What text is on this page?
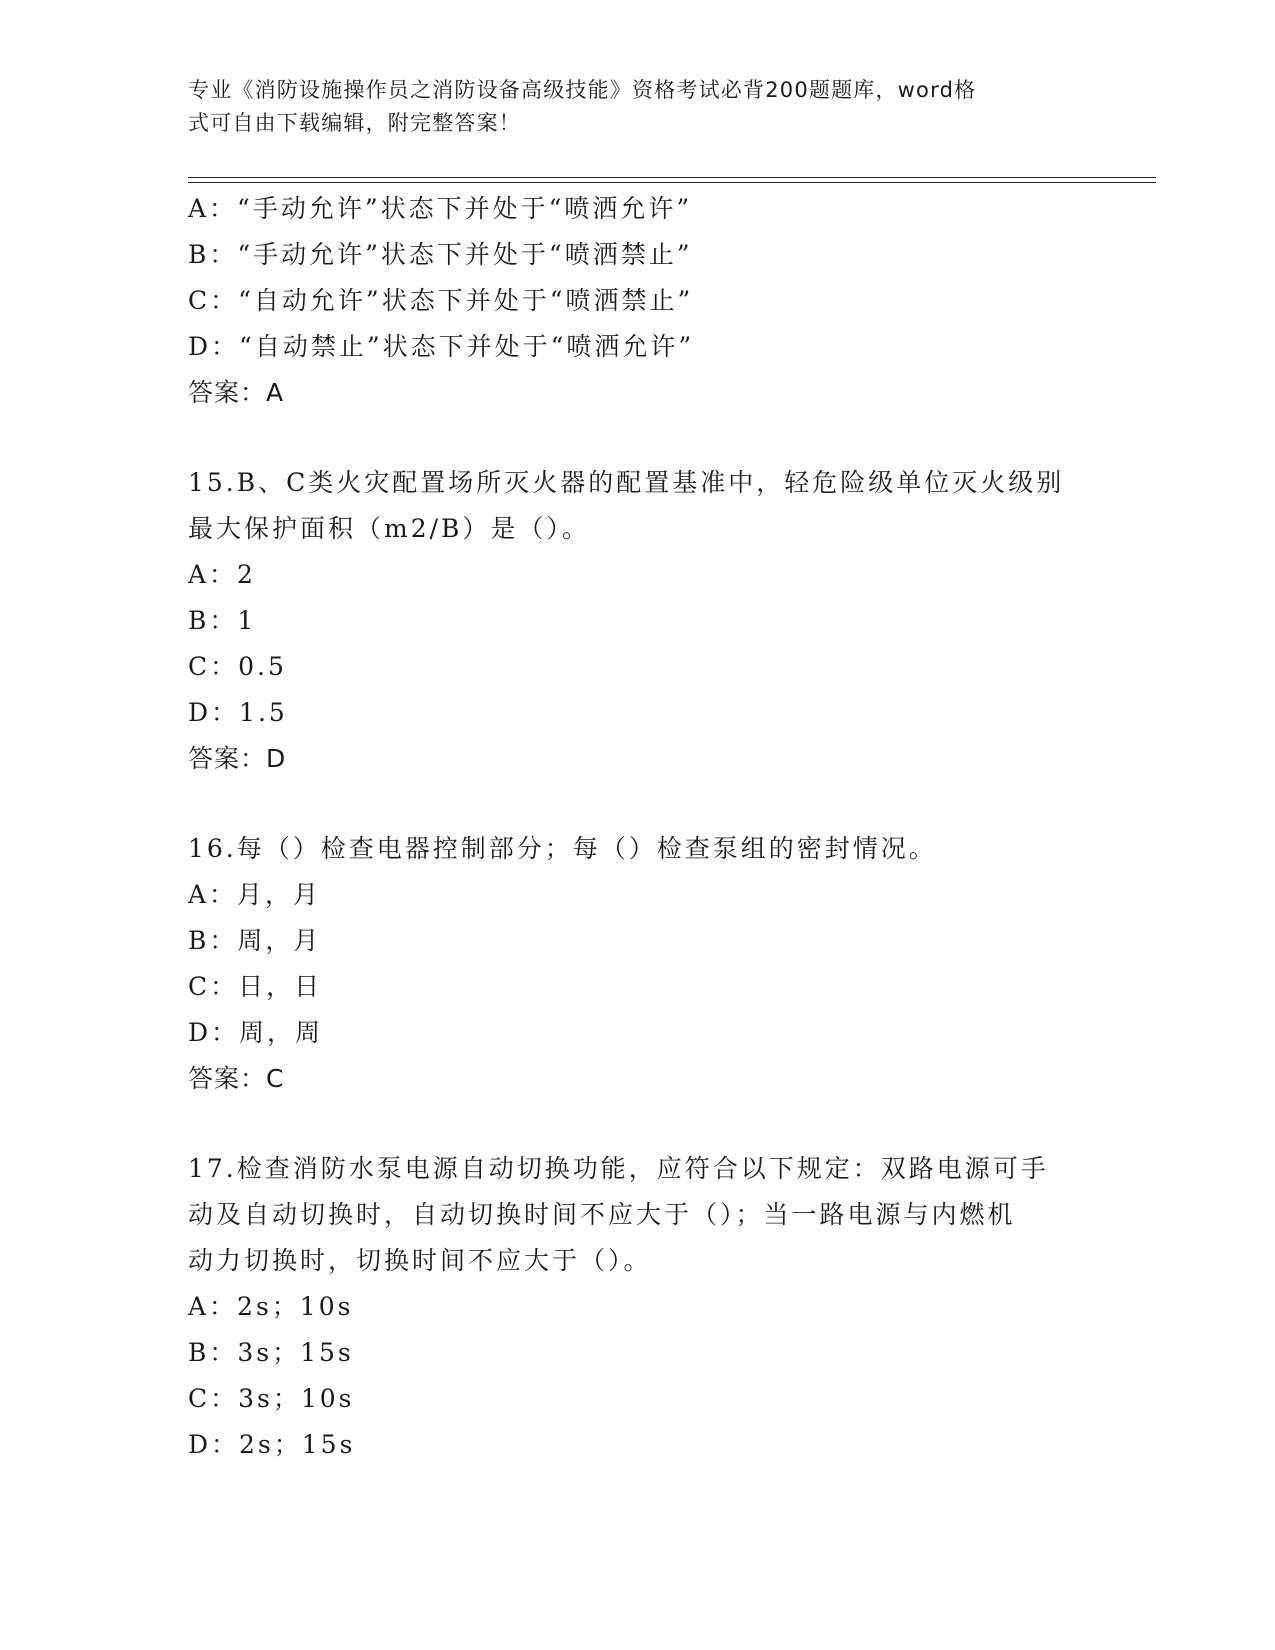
专业《消防设施操作员之消防设备高级技能》资格考试必背200题题库，word格
式可自由下载编辑，附完整答案！
A：“手动允许”状态下并处于“喷洒允许”
B：“手动允许”状态下并处于“喷洒禁止”
C：“自动允许”状态下并处于“喷洒禁止”
D：“自动禁止”状态下并处于“喷洒允许”
答案：A
15.B、C类火灾配置场所灭火器的配置基准中，轻危险级单位灭火级别
最大保护面积（m2/B）是（）。
A：2
B：1
C：0.5
D：1.5
答案：D
16.每（）检查电器控制部分；每（）检查泵组的密封情况。
A：月，月
B：周，月
C：日，日
D：周，周
答案：C
17.检查消防水泵电源自动切换功能，应符合以下规定：双路电源可手
动及自动切换时，自动切换时间不应大于（）；当一路电源与内燃机
动力切换时，切换时间不应大于（）。
A：2s；10s
B：3s；15s
C：3s；10s
D：2s；15s
